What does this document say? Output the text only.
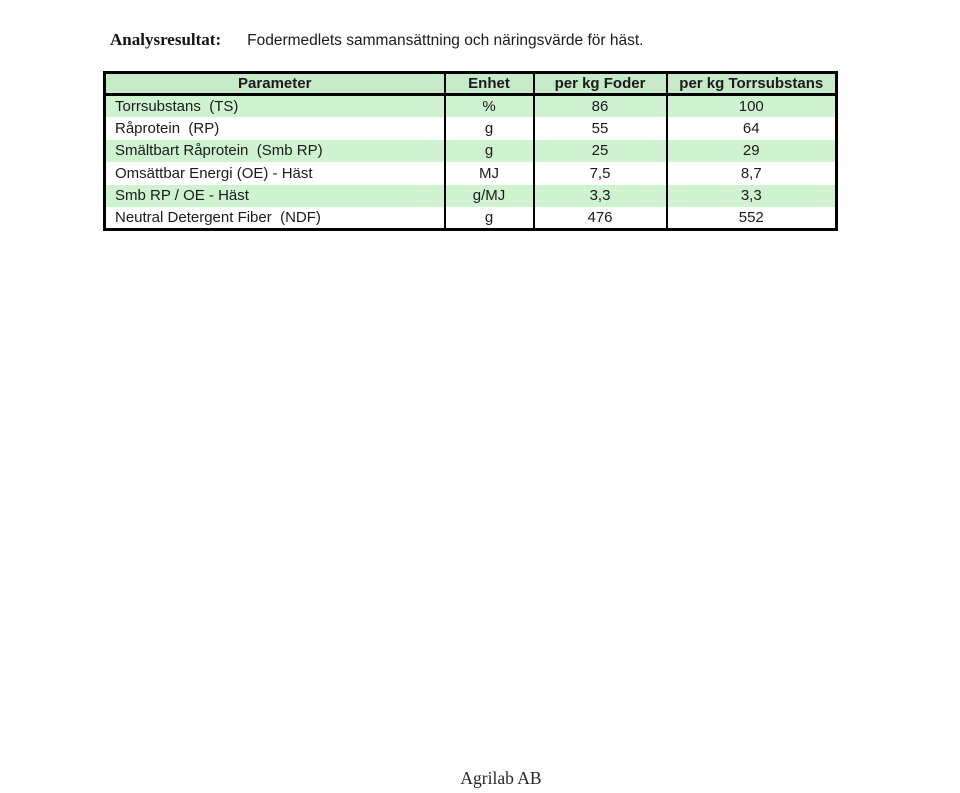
Analysresultat: Fodermedlets sammansättning och näringsvärde för häst.
Parameter	Enhet	per kg Foder	per kg Torrsubstans
Torrsubstans  (TS)	%	86	100
Råprotein  (RP)	g	55	64
Smältbart Råprotein  (Smb RP)	g	25	29
Omsättbar Energi (OE) - Häst	MJ	7,5	8,7
Smb RP / OE - Häst	g/MJ	3,3	3,3
Neutral Detergent Fiber  (NDF)	g	476	552
Agrilab AB
